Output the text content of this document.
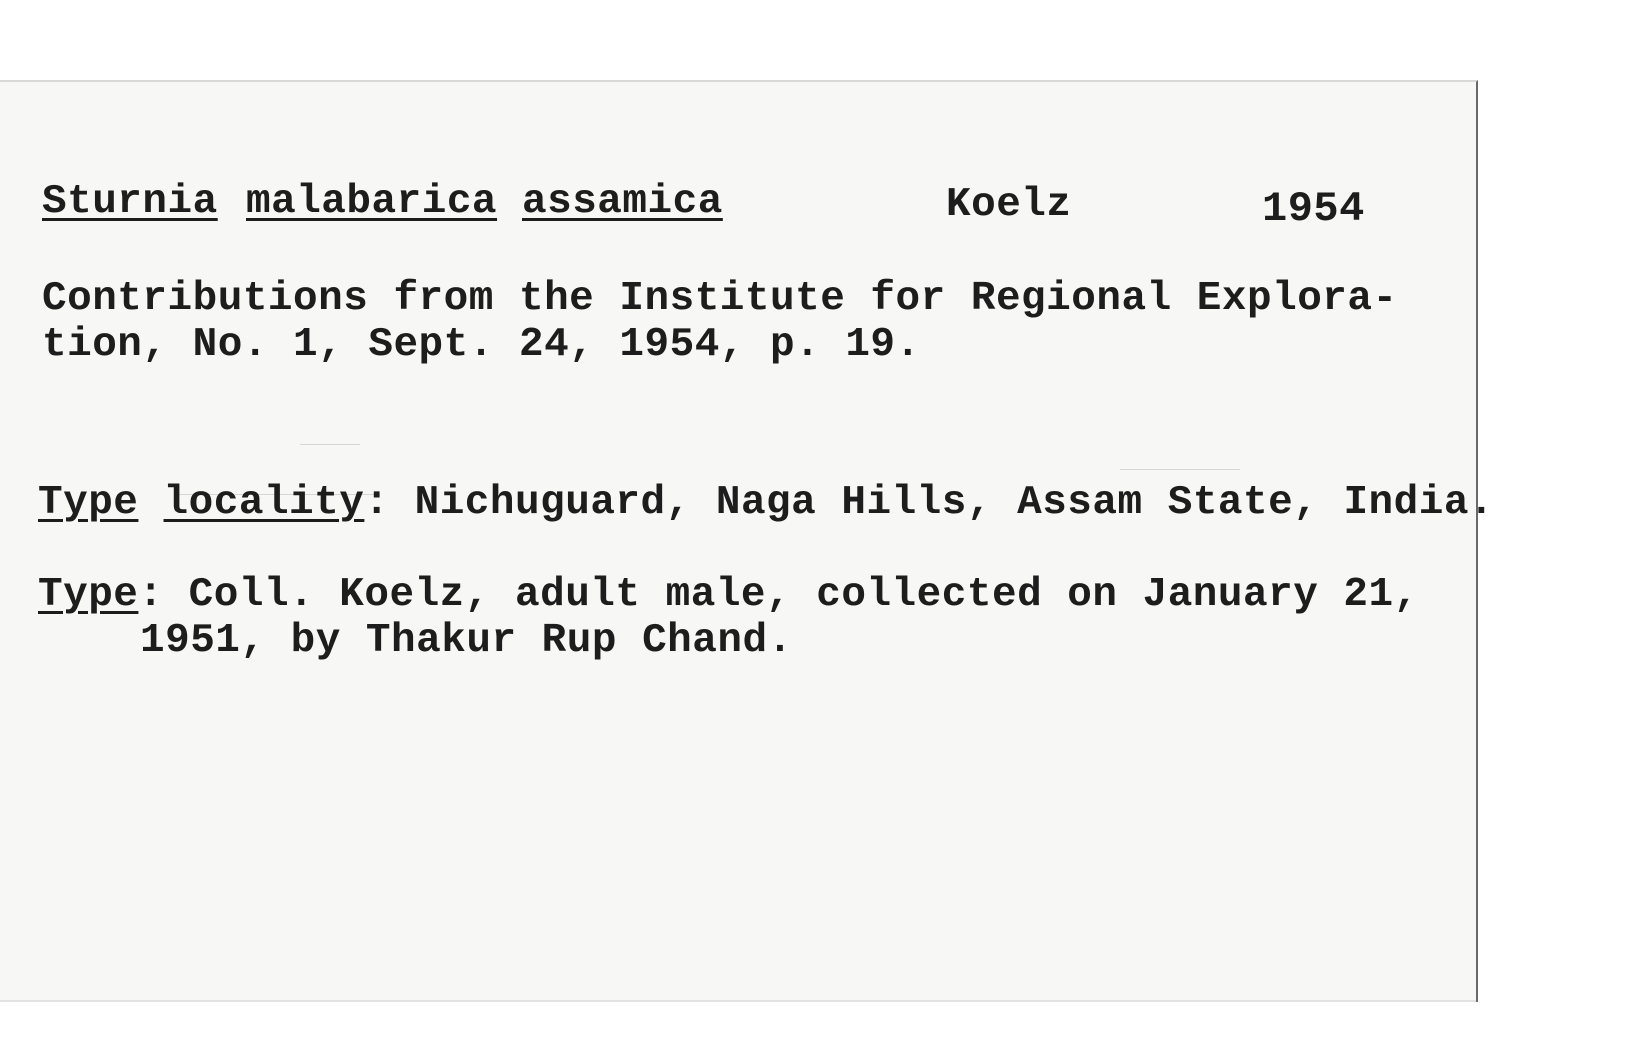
Sturnia malabarica assamica	Koelz	1954
Contributions from the Institute for Regional Explora-
tion, No. 1, Sept. 24, 1954, p. 19.
Type locality: Nichuguard, Naga Hills, Assam State, India.
Type: Coll. Koelz, adult male, collected on January 21,
1951, by Thakur Rup Chand.
